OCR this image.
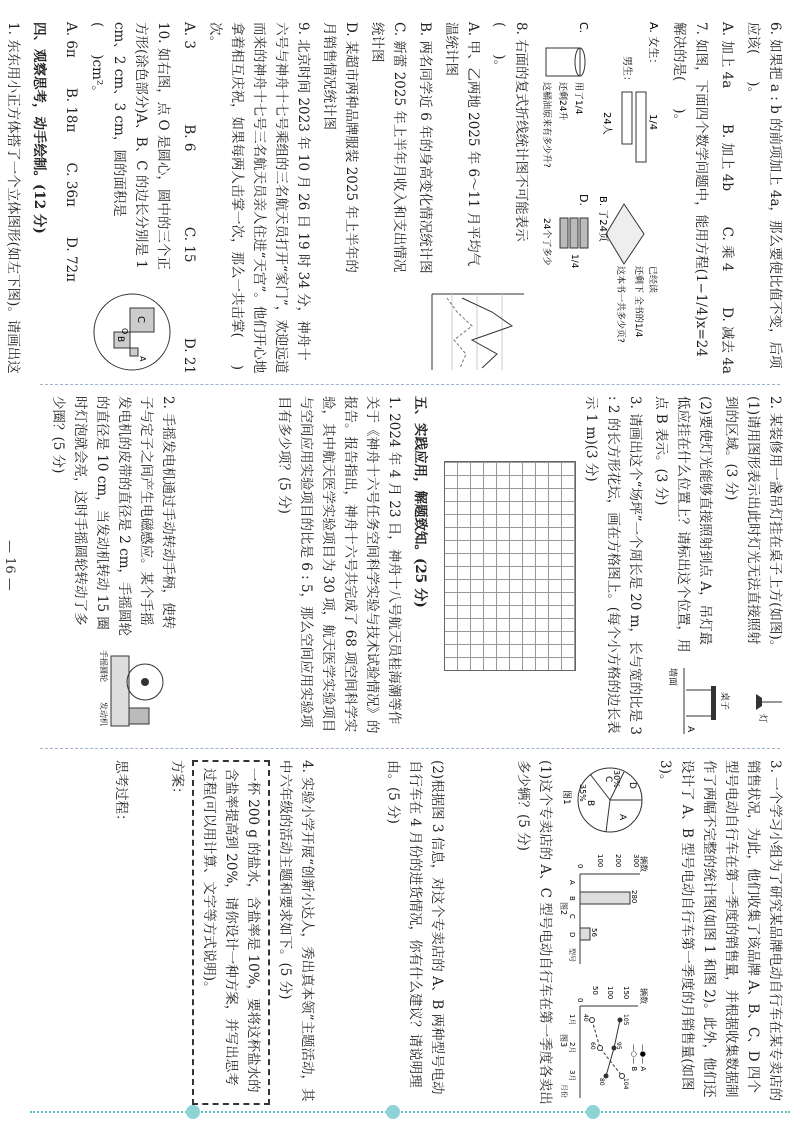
6. 如果把 a : b 的前项加上 4a，那么要使比值不变，后项应该(　　)。

A. 加上 4a
B. 加上 4b
C. 乘 4
D. 减去 4a

7. 如图，下面四个数学问题中，能用方程(1−1/4)x=24 解决的是(　　)。

A. 女生：
男生：
1/4
24人
已经读
还剩下 全书的1/4
这本书一共多少页?
B. 了24页
C.
用了1/4
还剩24升
这桶油原来有多少升?
D.
1/4
24个了多少

8. 右面的复式折线统计图不可能表示(　　)。

A. 甲、乙两地 2025 年 6～11 月平均气温统计图

B. 两名同学近 6 年的身高变化情况统计图

C. 新蕾 2025 年上半年月收入和支出情况统计图

D. 某超市两种品牌服装 2025 年上半年的月销售情况统计图

9. 北京时间 2023 年 10 月 26 日 19 时 34 分，神舟十六号与神舟十七号乘组的三名航天员打开“家门”，欢迎远道而来的神舟十七号三名航天员亲人住进“天宫”。他们开心地拿着相互庆祝，如果每两人击掌一次，那么一共击掌(　　)次。

A. 3
B. 6
C. 15
D. 21

10. 如右图，点 O 是圆心，圆中的三个正方形(涂色部分)A、B、C 的边长分别是 1 cm、2 cm、3 cm，圆的面积是(　　)cm²。

A. 6π
B. 18π
C. 36π
D. 72π
C
B
A
O

四、观察思考，动手绘制。(12 分)

1. 东东用小正方体搭了一个立体图形(如左下图)。请画出这

2. 某装修用一盏吊灯挂在桌子上方(如图)。(1)请用图形表示出此时灯光无法直接照射到的区域。(3 分)

(2)要使灯光能够直接照射到点 A，吊灯最低应挂在什么位置上？请标出这个位置，用点 B 表示。(3 分)

灯
桌子
墙面
A

3. 请画出这个“场坪”一个周长是 20 m，长与宽的比是 3 : 2 的长方形花坛，画在方格图上。(每个小方格的边长表示 1 m)(3 分)

五、实践应用，解题致知。(25 分)

1. 2024 年 4 月 23 日，神舟十八号航天员桂海潮等作关于《神舟十六号任务空间科学实验与技术试验情况》的报告。报告指出，神舟十六号共完成了 68 项空间科学实验，其中航天医学实验项目为 30 项，航天医学实验项目与空间应用实验项目的比是 6 : 5，那么空间应用实验项目有多少项？(5 分)

2. 手摇发电机通过手动转动手柄，使转子与定子之间产生电磁感应。某个手摇发电机的皮带的直径是 2 cm，手摇圆轮的直径是 10 cm，当发动机转动 15 圈时灯泡就会亮，这时手摇圆轮转动了多少圈？(5 分)

手摇圆轮
发动机
— 16 —

3. 一个学习小组为了研究某品牌电动自行车在某专卖店的销售状况，为此，他们收集了该品牌 A、B、C、D 四个型号电动自行车在第一季度的销售量，并根据收集数据制作了两幅不完整的统计图(如图 1 和图 2)。此外，他们还设计了 A、B 型号电动自行车第一季度的月销售量(如图 3)。

A
B
C
D
30%
35%
图1
辆数
300
200
100
0
280
56
A
B
C
D
型号
图2
辆数
—●— A
—○— B
150
100
50
0
105
95
80
40
60
104
1月
2月
3月
月份
图3

(1)这个专卖店的 A、C 型号电动自行车在第一季度各卖出多少辆？(5 分)

(2)根据图 3 信息，对这个专卖店的 A、B 两种型号电动自行车在 4 月份的进货情况，你有什么建议？请说明理由。(5 分)

4. 实验小学开展“创新小达人，秀出真本领”主题活动，其中六年级的活动主题和要求如下。(5 分)

一杯 200 g 的盐水，含盐率是 10%，要将这杯盐水的含盐率提高到 20%，请你设计一种方案，并写出思考过程(可以用计算、文字等方式说明)。

方案：

思考过程：
